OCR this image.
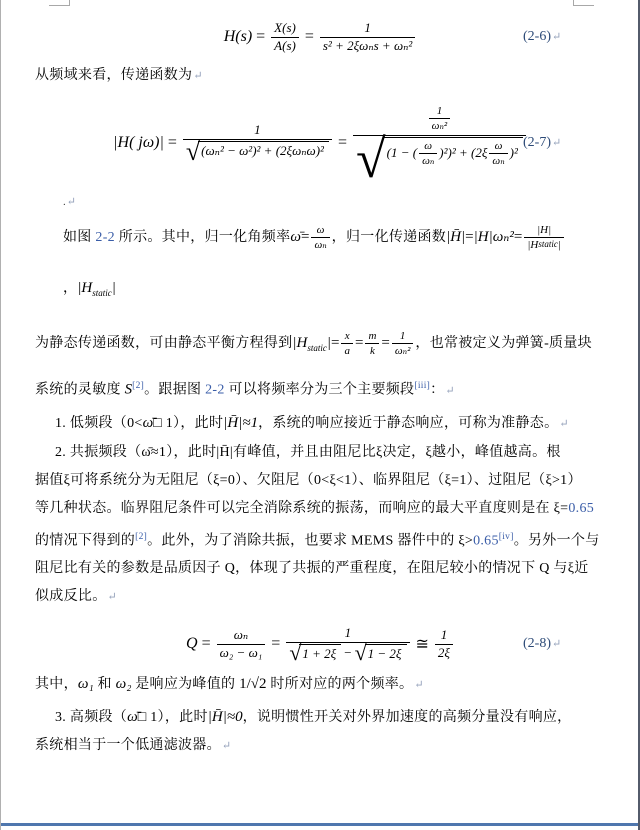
$H(s) = \frac{X(s)}{A(s)} = \frac{1}{\text{s² + 2ξωₙs + ωₙ²}}$	(2-6)↵
从频域来看，传递函数为↵
|H( $j\omega)| = \frac{1}{\text{√ (ωₙ² − ω²)² + (2ξωₙω)²}}$ =
$\frac{1}{\text{ωₙ²}}$
√ (1 − ( $\frac{\omega}{\text{ωₙ}} )^2)^2 + (2\xi \frac{\omega}{\text{ωₙ}} )^2$
(2-7)↵
.↵
如图 2-2 所示。其中，归一化角频率ω̄= $\frac{\omega}{\text{ωₙ}}$ ，归一化传递函数|H̄|=|H|ωₙ²= $\frac{|H|}{\text{|H static |}}$
，$|H_{static}|$
为静态传递函数，可由静态平衡方程得到$|H_{static}|= \frac{x}{a} = \frac{m}{k} = \frac{1}{\text{ωₙ²}}$ ，也常被定义为弹簧-质量块
系统的灵敏度 S[2]。跟据图 2-2 可以将频率分为三个主要频段[iii]：↵
1. 低频段（0<ω̄□ 1），此时|H̄|≈1，系统的响应接近于静态响应，可称为准静态。↵
2. 共振频段（ω̄≈1），此时|H̄|有峰值，并且由阻尼比ξ决定，ξ越小，峰值越高。根
据值ξ可将系统分为无阻尼（ξ=0）、欠阻尼（0<ξ<1）、临界阻尼（ξ=1）、过阻尼（ξ>1）
等几种状态。临界阻尼条件可以完全消除系统的振荡，而响应的最大平直度则是在 ξ=0.65
的情况下得到的[2]。此外，为了消除共振，也要求 MEMS 器件中的 ξ>0.65[iv]。另外一个与
阻尼比有关的参数是品质因子 Q，体现了共振的严重程度，在阻尼较小的情况下 Q 与ξ近
似成反比。↵
$Q = \frac{\text{ωₙ}}{\text{ω₂ − ω₁}} = \frac{1}{√ 1 + 2\xi - √ 1 - 2\xi}$ ≅ $\frac{1}{2\xi}$	(2-8)↵
其中，ω₁ 和 ω₂ 是响应为峰值的 1/√2 时所对应的两个频率。↵
3. 高频段（ω̄□ 1），此时|H̄|≈0，说明惯性开关对外界加速度的高频分量没有响应，
系统相当于一个低通滤波器。↵
